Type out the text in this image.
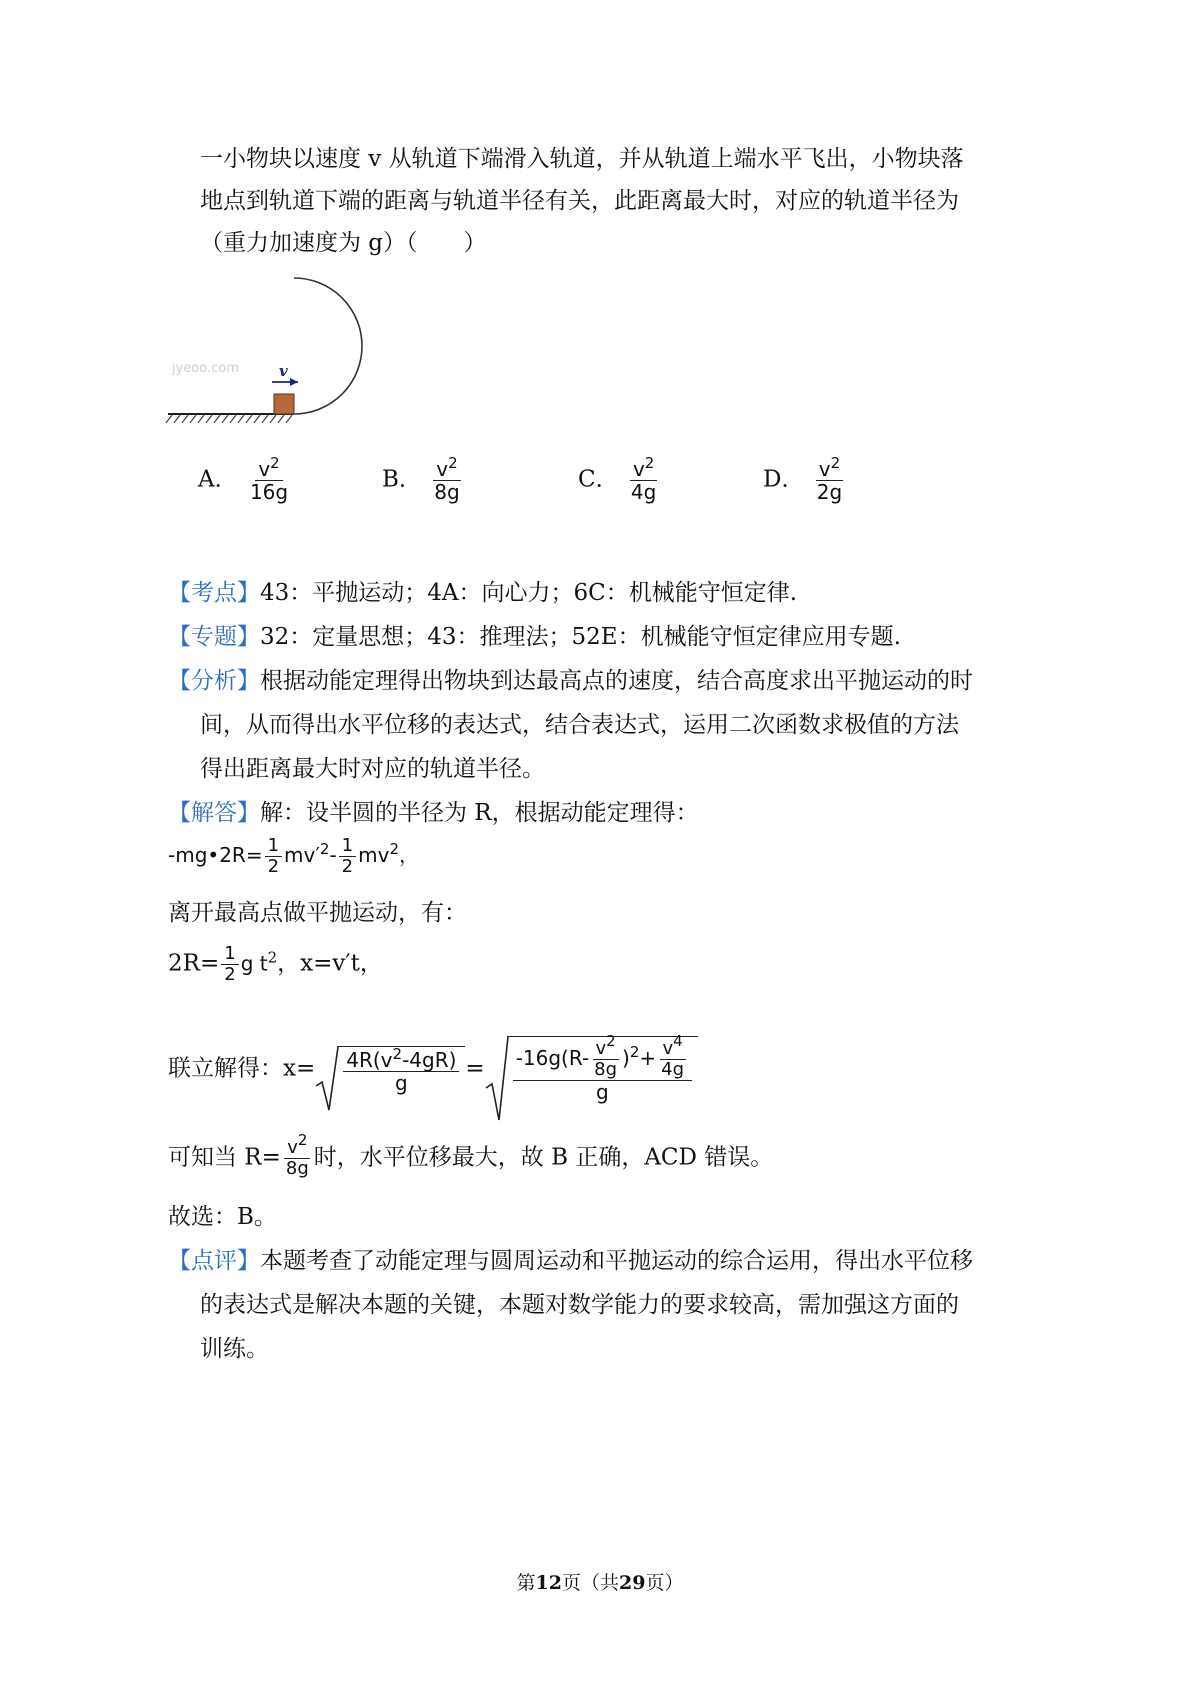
一小物块以速度 v 从轨道下端滑入轨道，并从轨道上端水平飞出，小物块落
地点到轨道下端的距离与轨道半径有关，此距离最大时，对应的轨道半径为
（重力加速度为 g）（　　）
jyeoo.com	v
A． $\frac{v^2}{16g}$	B． $\frac{v^2}{8g}$	C． $\frac{v^2}{4g}$	D． $\frac{v^2}{2g}$
【考点】43：平抛运动；4A：向心力；6C：机械能守恒定律.
【专题】32：定量思想；43：推理法；52E：机械能守恒定律应用专题.
【分析】根据动能定理得出物块到达最高点的速度，结合高度求出平抛运动的时
间，从而得出水平位移的表达式，结合表达式，运用二次函数求极值的方法
得出距离最大时对应的轨道半径。
【解答】解：设半圆的半径为 R，根据动能定理得：
-mg•2R= $\frac{1}{2} mv'^2- \frac{1}{2} mv^2$，
离开最高点做平抛运动，有：
$2R= \frac{1}{2}$ g $t^2$，x=v′t，
联立解得：$x= \frac{4R(v^2-4gR)}{g} = \frac{-16g(R- \frac{v^2}{8g} )^2+ \frac{v^4}{4g}}{g}$
可知当 $R= \frac{v^2}{8g}$ 时，水平位移最大，故 B 正确，ACD 错误。
故选：B。
【点评】本题考查了动能定理与圆周运动和平抛运动的综合运用，得出水平位移
的表达式是解决本题的关键，本题对数学能力的要求较高，需加强这方面的
训练。
第12页（共29页）
